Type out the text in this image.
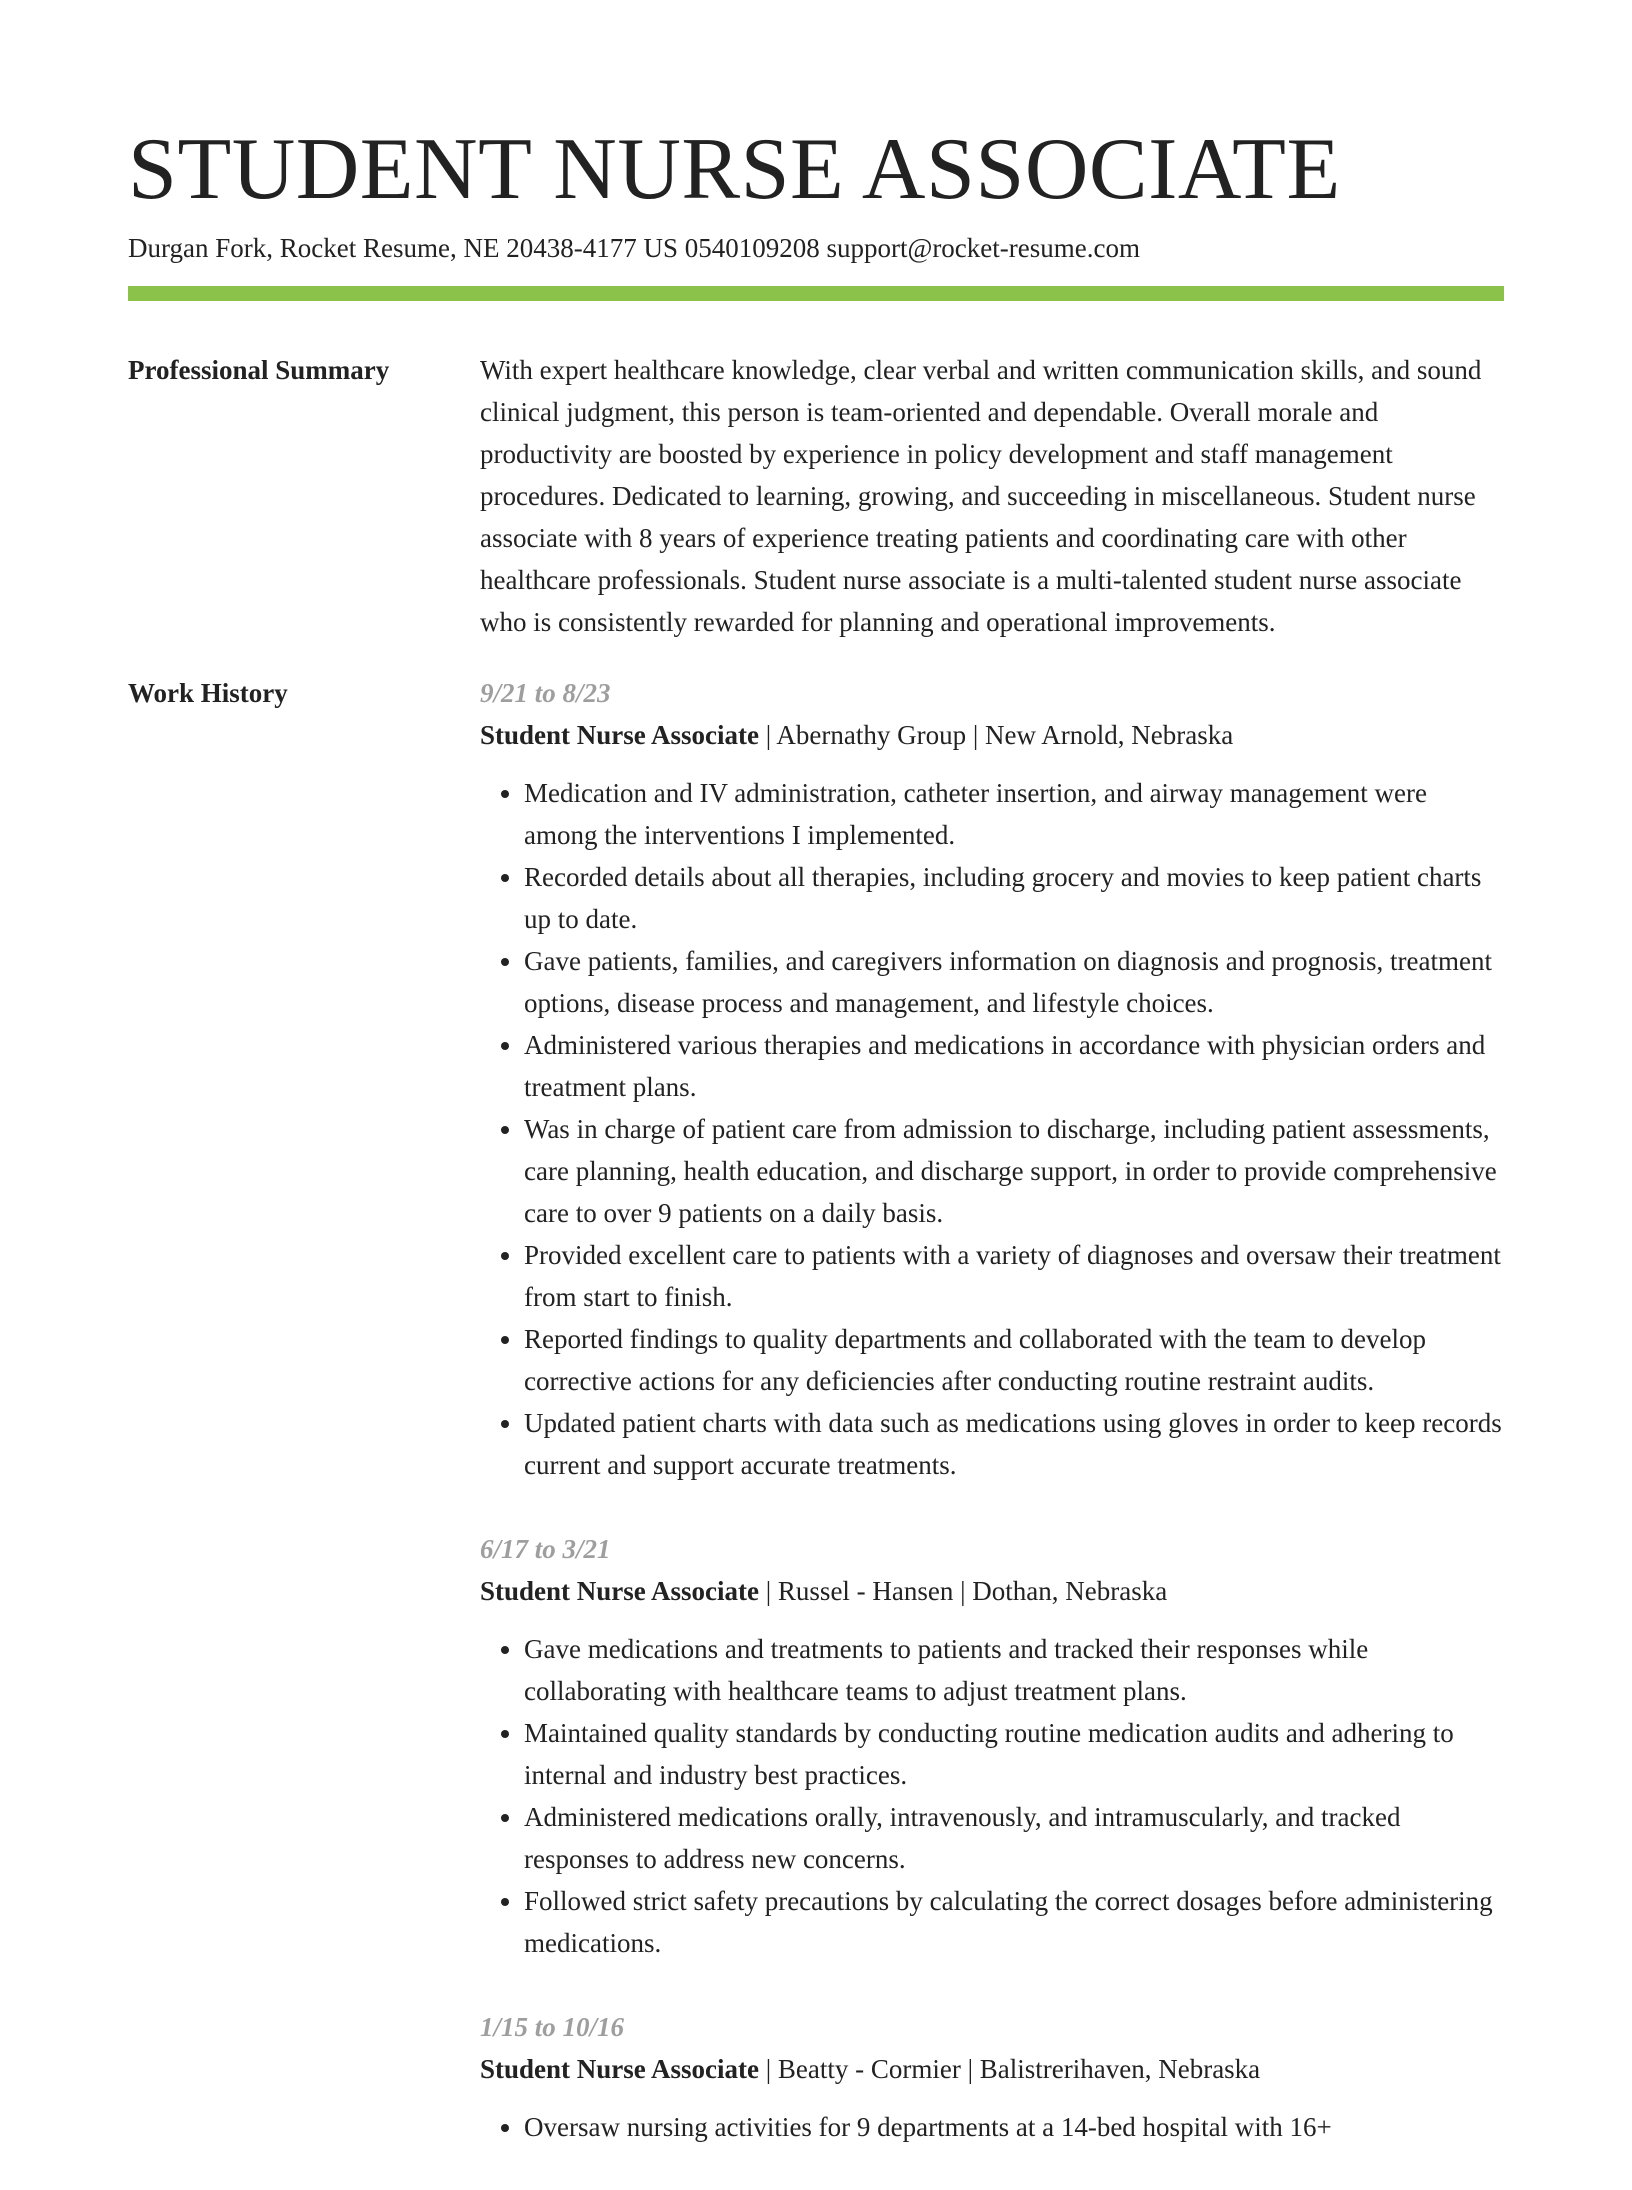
STUDENT NURSE ASSOCIATE
Durgan Fork, Rocket Resume, NE 20438-4177 US 0540109208 support@rocket-resume.com
Professional Summary	With expert healthcare knowledge, clear verbal and written communication skills, and sound clinical judgment, this person is team-oriented and dependable. Overall morale and productivity are boosted by experience in policy development and staff management procedures. Dedicated to learning, growing, and succeeding in miscellaneous. Student nurse associate with 8 years of experience treating patients and coordinating care with other healthcare professionals. Student nurse associate is a multi-talented student nurse associate who is consistently rewarded for planning and operational improvements.

Work History	9/21 to 8/23

Student Nurse Associate | Abernathy Group | New Arnold, Nebraska

• Medication and IV administration, catheter insertion, and airway management were among the interventions I implemented.
• Recorded details about all therapies, including grocery and movies to keep patient charts up to date.
• Gave patients, families, and caregivers information on diagnosis and prognosis, treatment options, disease process and management, and lifestyle choices.
• Administered various therapies and medications in accordance with physician orders and treatment plans.
• Was in charge of patient care from admission to discharge, including patient assessments, care planning, health education, and discharge support, in order to provide comprehensive care to over 9 patients on a daily basis.
• Provided excellent care to patients with a variety of diagnoses and oversaw their treatment from start to finish.
• Reported findings to quality departments and collaborated with the team to develop corrective actions for any deficiencies after conducting routine restraint audits.
• Updated patient charts with data such as medications using gloves in order to keep records current and support accurate treatments.

6/17 to 3/21

Student Nurse Associate | Russel - Hansen | Dothan, Nebraska

• Gave medications and treatments to patients and tracked their responses while collaborating with healthcare teams to adjust treatment plans.
• Maintained quality standards by conducting routine medication audits and adhering to internal and industry best practices.
• Administered medications orally, intravenously, and intramuscularly, and tracked responses to address new concerns.
• Followed strict safety precautions by calculating the correct dosages before administering medications.

1/15 to 10/16

Student Nurse Associate | Beatty - Cormier | Balistrerihaven, Nebraska

• Oversaw nursing activities for 9 departments at a 14-bed hospital with 16+
